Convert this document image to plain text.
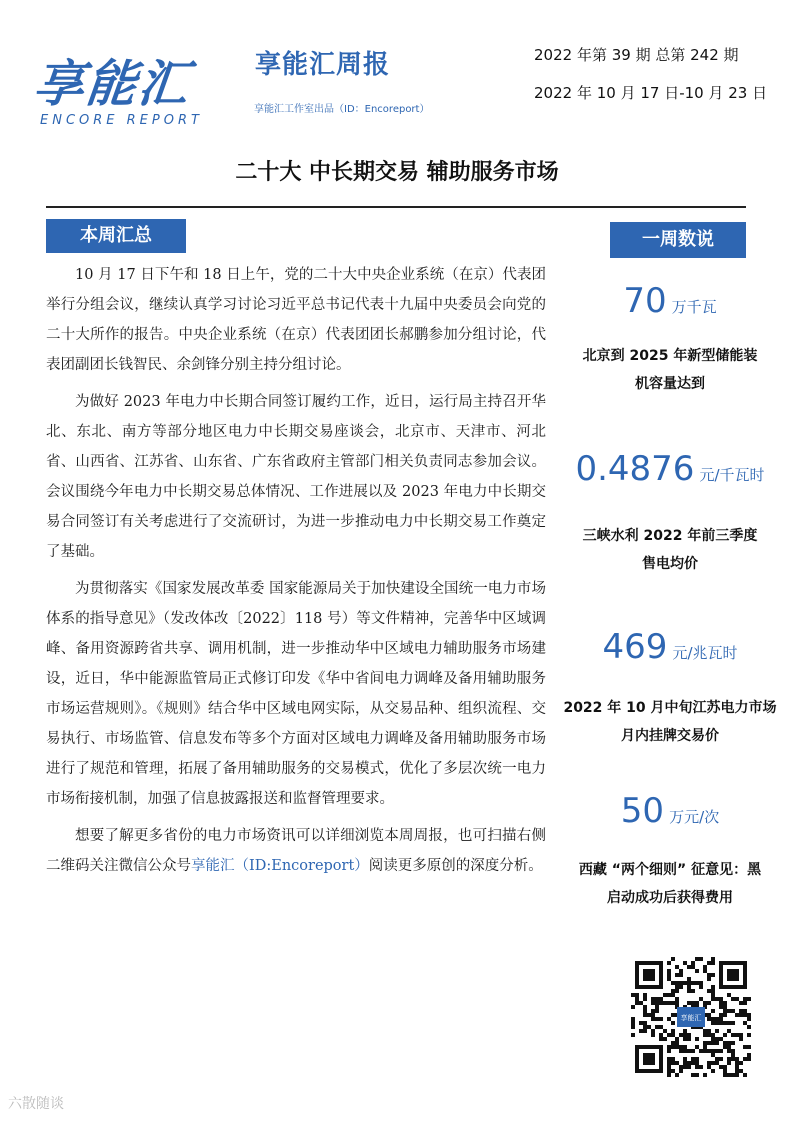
享能汇
ENCORE REPORT
享能汇周报
享能汇工作室出品（ID：Encoreport）
2022 年第 39 期 总第 242 期
2022 年 10 月 17 日-10 月 23 日
二十大 中长期交易 辅助服务市场
本周汇总	一周数说

10 月 17 日下午和 18 日上午，党的二十大中央企业系统（在京）代表团举行分组会议，继续认真学习讨论习近平总书记代表十九届中央委员会向党的二十大所作的报告。中央企业系统（在京）代表团团长郝鹏参加分组讨论，代表团副团长钱智民、余剑锋分别主持分组讨论。

为做好 2023 年电力中长期合同签订履约工作，近日，运行局主持召开华北、东北、南方等部分地区电力中长期交易座谈会，北京市、天津市、河北省、山西省、江苏省、山东省、广东省政府主管部门相关负责同志参加会议。会议围绕今年电力中长期交易总体情况、工作进展以及 2023 年电力中长期交易合同签订有关考虑进行了交流研讨，为进一步推动电力中长期交易工作奠定了基础。

为贯彻落实《国家发展改革委 国家能源局关于加快建设全国统一电力市场体系的指导意见》（发改体改〔2022〕118 号）等文件精神，完善华中区域调峰、备用资源跨省共享、调用机制，进一步推动华中区域电力辅助服务市场建设，近日，华中能源监管局正式修订印发《华中省间电力调峰及备用辅助服务市场运营规则》。《规则》结合华中区域电网实际，从交易品种、组织流程、交易执行、市场监管、信息发布等多个方面对区域电力调峰及备用辅助服务市场进行了规范和管理，拓展了备用辅助服务的交易模式，优化了多层次统一电力市场衔接机制，加强了信息披露报送和监督管理要求。

想要了解更多省份的电力市场资讯可以详细浏览本周周报，也可扫描右侧二维码关注微信公众号享能汇（ID:Encoreport）阅读更多原创的深度分析。

70 万千瓦
北京到 2025 年新型储能装
机容量达到
0.4876 元/千瓦时
三峡水利 2022 年前三季度
售电均价
469 元/兆瓦时
2022 年 10 月中旬江苏电力市场
月内挂牌交易价
50 万元/次
西藏 “两个细则” 征意见：黑
启动成功后获得费用
享能汇
六散随谈
